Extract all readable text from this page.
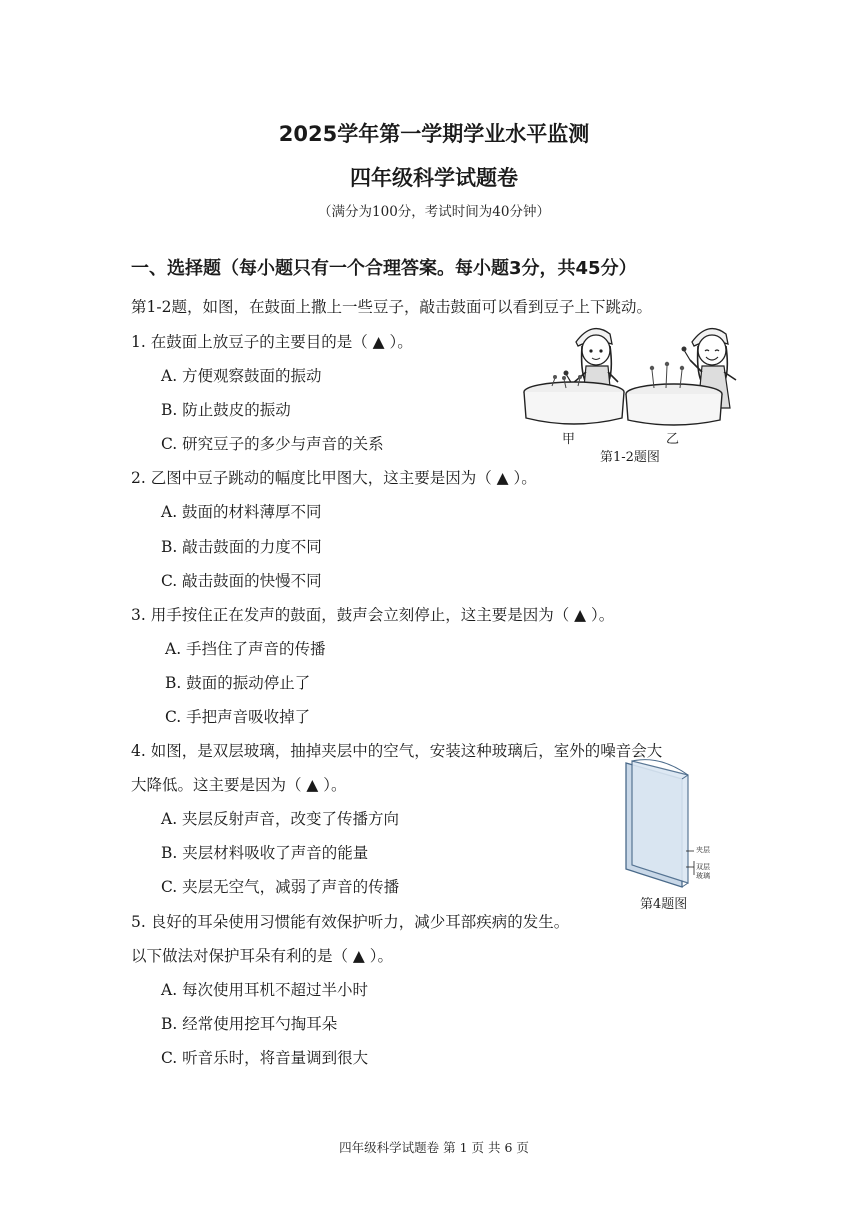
2025学年第一学期学业水平监测
四年级科学试题卷
（满分为100分，考试时间为40分钟）
一、选择题（每小题只有一个合理答案。每小题3分，共45分）
第1-2题，如图，在鼓面上撒上一些豆子，敲击鼓面可以看到豆子上下跳动。
1. 在鼓面上放豆子的主要目的是（ ▲ ）。
A. 方便观察鼓面的振动
B. 防止鼓皮的振动
C. 研究豆子的多少与声音的关系
2. 乙图中豆子跳动的幅度比甲图大，这主要是因为（ ▲ ）。
A. 鼓面的材料薄厚不同
B. 敲击鼓面的力度不同
C. 敲击鼓面的快慢不同
3. 用手按住正在发声的鼓面，鼓声会立刻停止，这主要是因为（ ▲ ）。
A. 手挡住了声音的传播
B. 鼓面的振动停止了
C. 手把声音吸收掉了
4. 如图，是双层玻璃，抽掉夹层中的空气，安装这种玻璃后，室外的噪音会大
大降低。这主要是因为（ ▲ ）。
A. 夹层反射声音，改变了传播方向
B. 夹层材料吸收了声音的能量
C. 夹层无空气，减弱了声音的传播
5. 良好的耳朵使用习惯能有效保护听力，减少耳部疾病的发生。
以下做法对保护耳朵有利的是（ ▲ ）。
A. 每次使用耳机不超过半小时
B. 经常使用挖耳勺掏耳朵
C. 听音乐时，将音量调到很大
甲	乙
第1-2题图
夹层
双层
玻璃
第4题图
四年级科学试题卷 第 1 页 共 6 页
